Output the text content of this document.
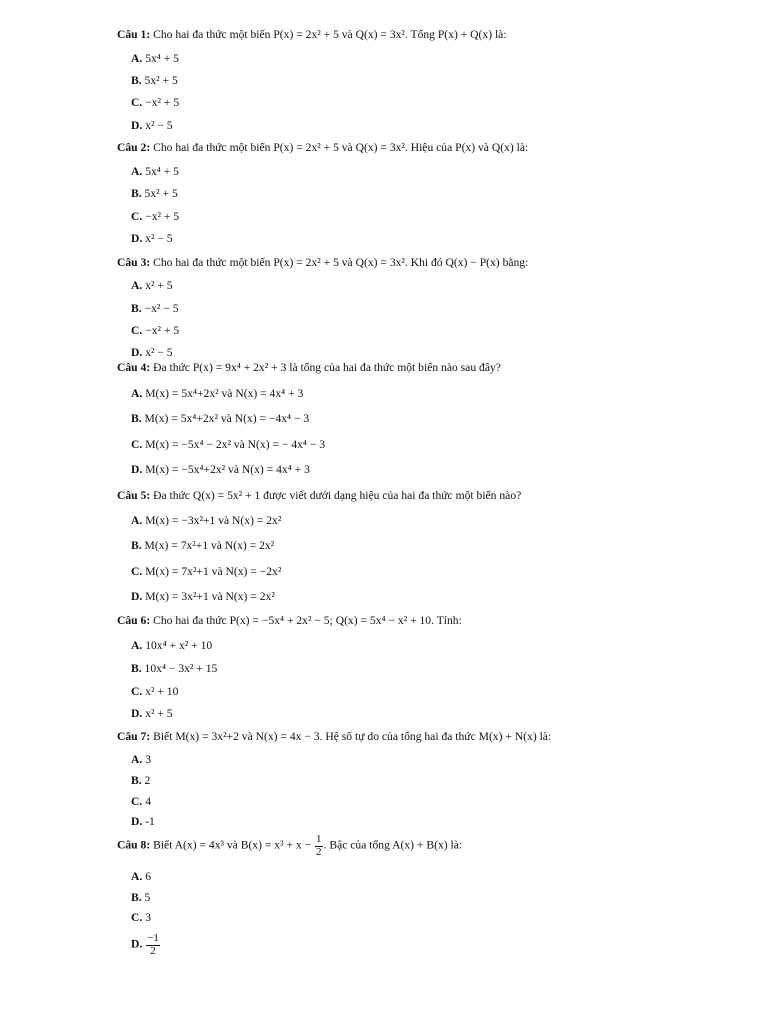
Câu 1: Cho hai đa thức một biến P(x) = 2x² + 5 và Q(x) = 3x². Tổng P(x) + Q(x) là:
A. 5x⁴ + 5
B. 5x² + 5
C. −x² + 5
D. x² − 5
Câu 2: Cho hai đa thức một biến P(x) = 2x² + 5 và Q(x) = 3x². Hiệu của P(x) và Q(x) là:
A. 5x⁴ + 5
B. 5x² + 5
C. −x² + 5
D. x² − 5
Câu 3: Cho hai đa thức một biến P(x) = 2x² + 5 và Q(x) = 3x². Khi đó Q(x) − P(x) bằng:
A. x² + 5
B. −x² − 5
C. −x² + 5
D. x² − 5
Câu 4: Đa thức P(x) = 9x⁴ + 2x² + 3 là tổng của hai đa thức một biến nào sau đây?
A. M(x) = 5x⁴+2x² và N(x) = 4x⁴ + 3
B. M(x) = 5x⁴+2x² và N(x) = −4x⁴ − 3
C. M(x) = −5x⁴ − 2x² và N(x) = − 4x⁴ − 3
D. M(x) = −5x⁴+2x² và N(x) = 4x⁴ + 3
Câu 5: Đa thức Q(x) = 5x² + 1 được viết dưới dạng hiệu của hai đa thức một biến nào?
A. M(x) = −3x²+1 và N(x) = 2x²
B. M(x) = 7x²+1 và N(x) = 2x²
C. M(x) = 7x²+1 và N(x) = −2x²
D. M(x) = 3x²+1 và N(x) = 2x²
Câu 6: Cho hai đa thức P(x) = −5x⁴ + 2x² − 5; Q(x) = 5x⁴ − x² + 10. Tính:
A. 10x⁴ + x² + 10
B. 10x⁴ − 3x² + 15
C. x² + 10
D. x² + 5
Câu 7: Biết M(x) = 3x²+2 và N(x) = 4x − 3. Hệ số tự do của tổng hai đa thức M(x) + N(x) là:
A. 3
B. 2
C. 4
D. -1
Câu 8: Biết A(x) = 4x³ và $B(x) = x^3 + x - \frac{1}{2}$ . Bậc của tổng A(x) + B(x) là:
A. 6
B. 5
C. 3
D. $\frac{-1}{2}$
